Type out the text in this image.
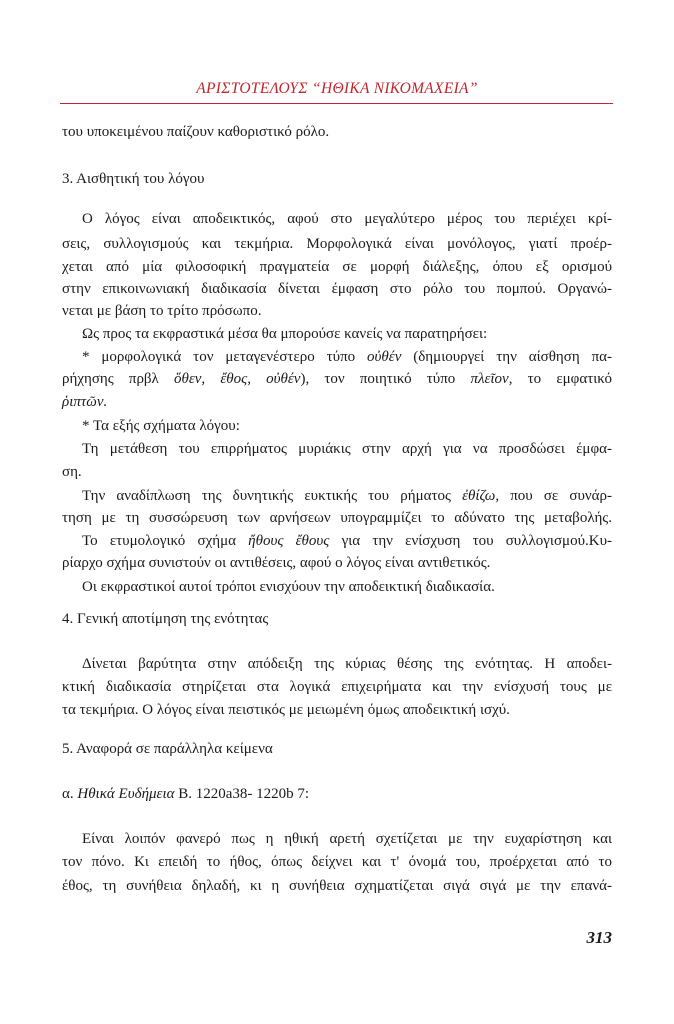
ΑΡΙΣΤΟΤΕΛΟΥΣ “ΗΘΙΚΑ ΝΙΚΟΜΑΧΕΙΑ”
του υποκειμένου παίζουν καθοριστικό ρόλο.
3. Αισθητική του λόγου
Ο λόγος είναι αποδεικτικός, αφού στο μεγαλύτερο μέρος του περιέχει κρί-
σεις, συλλογισμούς και τεκμήρια. Μορφολογικά είναι μονόλογος, γιατί προέρ-
χεται από μία φιλοσοφική πραγματεία σε μορφή διάλεξης, όπου εξ ορισμού
στην επικοινωνιακή διαδικασία δίνεται έμφαση στο ρόλο του πομπού. Οργανώ-
νεται με βάση το τρίτο πρόσωπο.
Ως προς τα εκφραστικά μέσα θα μπορούσε κανείς να παρατηρήσει:
* μορφολογικά τον μεταγενέστερο τύπο οὐθέν (δημιουργεί την αίσθηση πα-
ρήχησης πρβλ ὅθεν, ἔθος, οὐθέν), τον ποιητικό τύπο πλεῖον, το εμφατικό
ῥιπτῶν.
* Τα εξής σχήματα λόγου:
Τη μετάθεση του επιρρήματος μυριάκις στην αρχή για να προσδώσει έμφα-
ση.
Την αναδίπλωση της δυνητικής ευκτικής του ρήματος ἐθίζω, που σε συνάρ-
τηση με τη συσσώρευση των αρνήσεων υπογραμμίζει το αδύνατο της μεταβολής.
Το ετυμολογικό σχήμα ἤθους ἔθους για την ενίσχυση του συλλογισμού.Κυ-
ρίαρχο σχήμα συνιστούν οι αντιθέσεις, αφού ο λόγος είναι αντιθετικός.
Οι εκφραστικοί αυτοί τρόποι ενισχύουν την αποδεικτική διαδικασία.
4. Γενική αποτίμηση της ενότητας
Δίνεται βαρύτητα στην απόδειξη της κύριας θέσης της ενότητας. Η αποδει-
κτική διαδικασία στηρίζεται στα λογικά επιχειρήματα και την ενίσχυσή τους με
τα τεκμήρια. Ο λόγος είναι πειστικός με μειωμένη όμως αποδεικτική ισχύ.
5. Αναφορά σε παράλληλα κείμενα
α. Ηθικά Ευδήμεια Β. 1220a38- 1220b 7:
Είναι λοιπόν φανερό πως η ηθική αρετή σχετίζεται με την ευχαρίστηση και
τον πόνο. Κι επειδή το ήθος, όπως δείχνει και τ' όνομά του, προέρχεται από το
έθος, τη συνήθεια δηλαδή, κι η συνήθεια σχηματίζεται σιγά σιγά με την επανά-
313
